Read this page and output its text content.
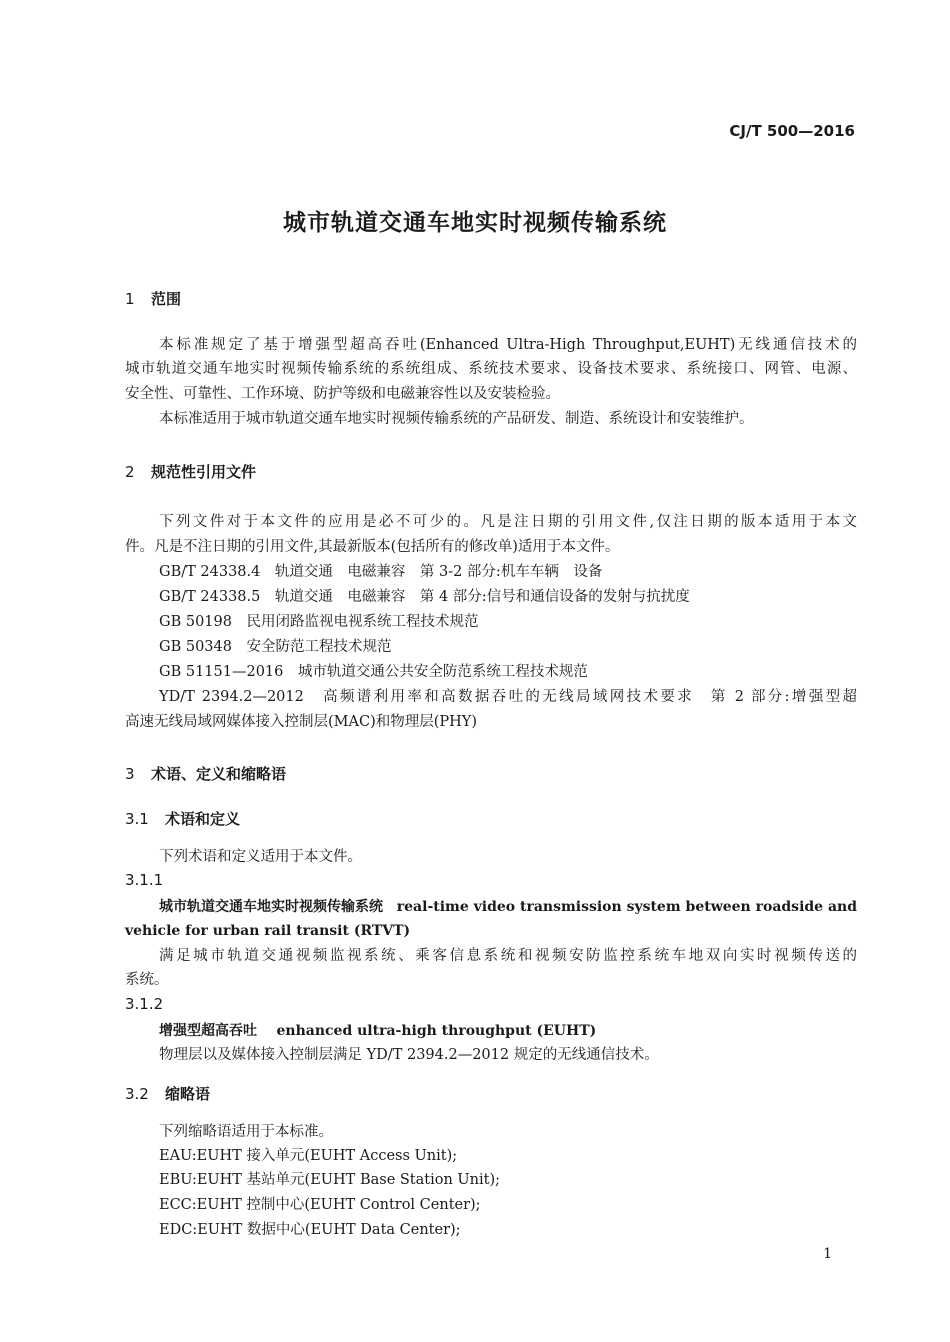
CJ/T 500—2016
城市轨道交通车地实时视频传输系统
1 范围
本标准规定了基于增强型超高吞吐(Enhanced Ultra-High Throughput,EUHT)无线通信技术的
城市轨道交通车地实时视频传输系统的系统组成、系统技术要求、设备技术要求、系统接口、网管、电源、
安全性、可靠性、工作环境、防护等级和电磁兼容性以及安装检验。
本标准适用于城市轨道交通车地实时视频传输系统的产品研发、制造、系统设计和安装维护。
2 规范性引用文件
下列文件对于本文件的应用是必不可少的。凡是注日期的引用文件,仅注日期的版本适用于本文
件。凡是不注日期的引用文件,其最新版本(包括所有的修改单)适用于本文件。
GB/T 24338.4　轨道交通　电磁兼容　第 3-2 部分:机车车辆　设备
GB/T 24338.5　轨道交通　电磁兼容　第 4 部分:信号和通信设备的发射与抗扰度
GB 50198　民用闭路监视电视系统工程技术规范
GB 50348　安全防范工程技术规范
GB 51151—2016　城市轨道交通公共安全防范系统工程技术规范
YD/T 2394.2—2012　高频谱利用率和高数据吞吐的无线局域网技术要求　第 2 部分:增强型超
高速无线局域网媒体接入控制层(MAC)和物理层(PHY)
3 术语、定义和缩略语
3.1 术语和定义
下列术语和定义适用于本文件。
3.1.1
城市轨道交通车地实时视频传输系统 real-time video transmission system between roadside and
vehicle for urban rail transit (RTVT)
满足城市轨道交通视频监视系统、乘客信息系统和视频安防监控系统车地双向实时视频传送的
系统。
3.1.2
增强型超高吞吐 enhanced ultra-high throughput (EUHT)
物理层以及媒体接入控制层满足 YD/T 2394.2—2012 规定的无线通信技术。
3.2 缩略语
下列缩略语适用于本标准。
EAU:EUHT 接入单元(EUHT Access Unit);
EBU:EUHT 基站单元(EUHT Base Station Unit);
ECC:EUHT 控制中心(EUHT Control Center);
EDC:EUHT 数据中心(EUHT Data Center);
1
